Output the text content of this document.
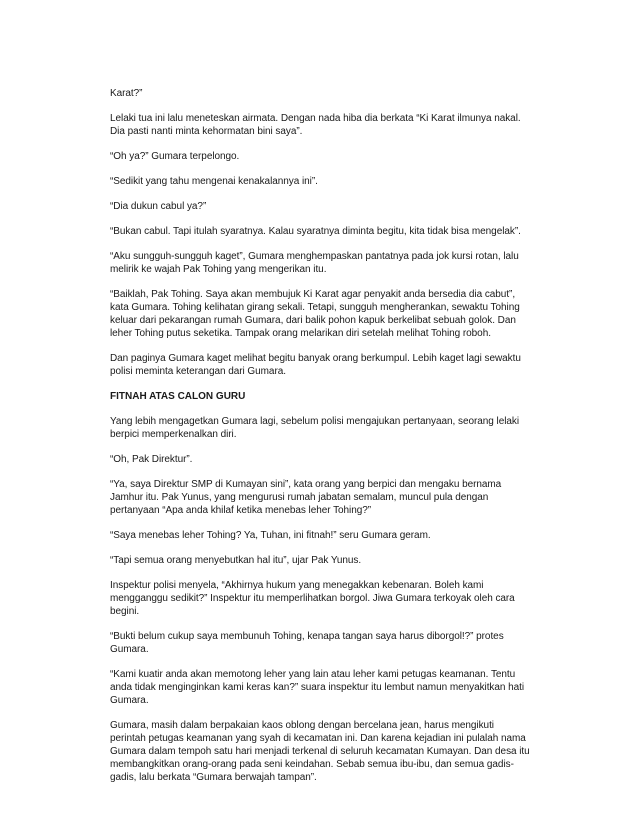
Karat?”

Lelaki tua ini lalu meneteskan airmata. Dengan nada hiba dia berkata “Ki Karat ilmunya nakal.
Dia pasti nanti minta kehormatan bini saya”.

“Oh ya?” Gumara terpelongo.

“Sedikit yang tahu mengenai kenakalannya ini”.

“Dia dukun cabul ya?”

“Bukan cabul. Tapi itulah syaratnya. Kalau syaratnya diminta begitu, kita tidak bisa mengelak”.

“Aku sungguh-sungguh kaget”, Gumara menghempaskan pantatnya pada jok kursi rotan, lalu
melirik ke wajah Pak Tohing yang mengerikan itu.

“Baiklah, Pak Tohing. Saya akan membujuk Ki Karat agar penyakit anda bersedia dia cabut”,
kata Gumara. Tohing kelihatan girang sekali. Tetapi, sungguh mengherankan, sewaktu Tohing
keluar dari pekarangan rumah Gumara, dari balik pohon kapuk berkelibat sebuah golok. Dan
leher Tohing putus seketika. Tampak orang melarikan diri setelah melihat Tohing roboh.

Dan paginya Gumara kaget melihat begitu banyak orang berkumpul. Lebih kaget lagi sewaktu
polisi meminta keterangan dari Gumara.

FITNAH ATAS CALON GURU

Yang lebih mengagetkan Gumara lagi, sebelum polisi mengajukan pertanyaan, seorang lelaki
berpici memperkenalkan diri.

“Oh, Pak Direktur”.

“Ya, saya Direktur SMP di Kumayan sini”, kata orang yang berpici dan mengaku bernama
Jamhur itu. Pak Yunus, yang mengurusi rumah jabatan semalam, muncul pula dengan
pertanyaan “Apa anda khilaf ketika menebas leher Tohing?”

“Saya menebas leher Tohing? Ya, Tuhan, ini fitnah!” seru Gumara geram.

“Tapi semua orang menyebutkan hal itu”, ujar Pak Yunus.

Inspektur polisi menyela, “Akhirnya hukum yang menegakkan kebenaran. Boleh kami
mengganggu sedikit?” Inspektur itu memperlihatkan borgol. Jiwa Gumara terkoyak oleh cara
begini.

“Bukti belum cukup saya membunuh Tohing, kenapa tangan saya harus diborgol!?” protes
Gumara.

“Kami kuatir anda akan memotong leher yang lain atau leher kami petugas keamanan. Tentu
anda tidak menginginkan kami keras kan?” suara inspektur itu lembut namun menyakitkan hati
Gumara.

Gumara, masih dalam berpakaian kaos oblong dengan bercelana jean, harus mengikuti
perintah petugas keamanan yang syah di kecamatan ini. Dan karena kejadian ini pulalah nama
Gumara dalam tempoh satu hari menjadi terkenal di seluruh kecamatan Kumayan. Dan desa itu
membangkitkan orang-orang pada seni keindahan. Sebab semua ibu-ibu, dan semua gadis-
gadis, lalu berkata “Gumara berwajah tampan”.
